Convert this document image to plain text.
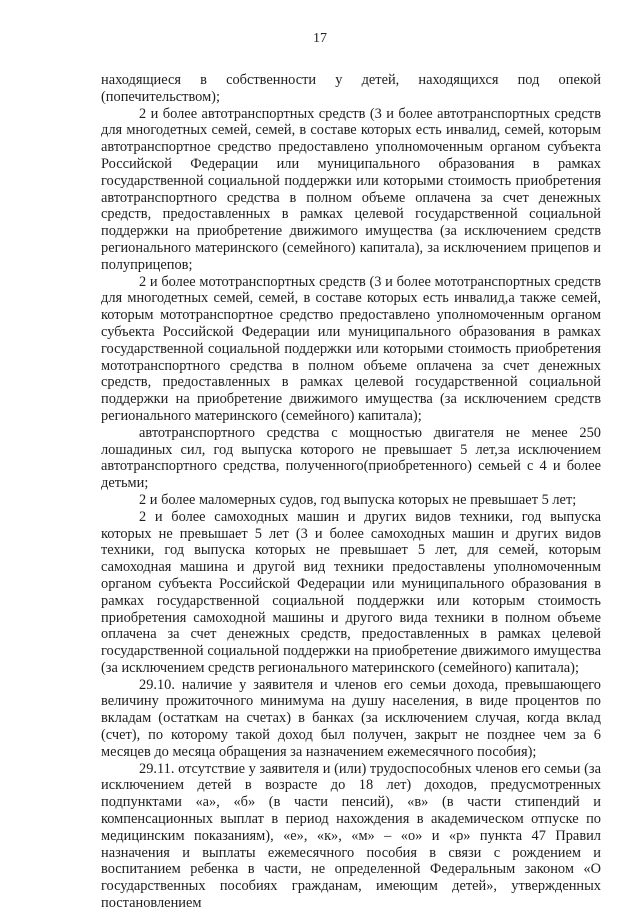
17

находящиеся в собственности у детей, находящихся под опекой (попечительством);

2 и более автотранспортных средств (3 и более автотранспортных средств для многодетных семей, семей, в составе которых есть инвалид, семей, которым автотранспортное средство предоставлено уполномоченным органом субъекта Российской Федерации или муниципального образования в рамках государственной социальной поддержки или которыми стоимость приобретения автотранспортного средства в полном объеме оплачена за счет денежных средств, предоставленных в рамках целевой государственной социальной поддержки на приобретение движимого имущества (за исключением средств регионального материнского (семейного) капитала), за исключением прицепов и полуприцепов;

2 и более мототранспортных средств (3 и более мототранспортных средств для многодетных семей, семей, в составе которых есть инвалид,а также семей, которым мототранспортное средство предоставлено уполномоченным органом субъекта Российской Федерации или муниципального образования в рамках государственной социальной поддержки или которыми стоимость приобретения мототранспортного средства в полном объеме оплачена за счет денежных средств, предоставленных в рамках целевой государственной социальной поддержки на приобретение движимого имущества (за исключением средств регионального материнского (семейного) капитала);

автотранспортного средства с мощностью двигателя не менее 250 лошадиных сил, год выпуска которого не превышает 5 лет,за исключением автотранспортного средства, полученного(приобретенного) семьей с 4 и более детьми;

2 и более маломерных судов, год выпуска которых не превышает 5 лет;

2 и более самоходных машин и других видов техники, год выпуска которых не превышает 5 лет (3 и более самоходных машин и других видов техники, год выпуска которых не превышает 5 лет, для семей, которым самоходная машина и другой вид техники предоставлены уполномоченным органом субъекта Российской Федерации или муниципального образования в рамках государственной социальной поддержки или которым стоимость приобретения самоходной машины и другого вида техники в полном объеме оплачена за счет денежных средств, предоставленных в рамках целевой государственной социальной поддержки на приобретение движимого имущества (за исключением средств регионального материнского (семейного) капитала);

29.10. наличие у заявителя и членов его семьи дохода, превышающего величину прожиточного минимума на душу населения, в виде процентов по вкладам (остаткам на счетах) в банках (за исключением случая, когда вклад (счет), по которому такой доход был получен, закрыт не позднее чем за 6 месяцев до месяца обращения за назначением ежемесячного пособия);

29.11. отсутствие у заявителя и (или) трудоспособных членов его семьи (за исключением детей в возрасте до 18 лет) доходов, предусмотренных подпунктами «а», «б» (в части пенсий), «в» (в части стипендий и компенсационных выплат в период нахождения в академическом отпуске по медицинским показаниям), «е», «к», «м» – «о» и «р» пункта 47 Правил назначения и выплаты ежемесячного пособия в связи с рождением и воспитанием ребенка в части, не определенной Федеральным законом «О государственных пособиях гражданам, имеющим детей», утвержденных постановлением
